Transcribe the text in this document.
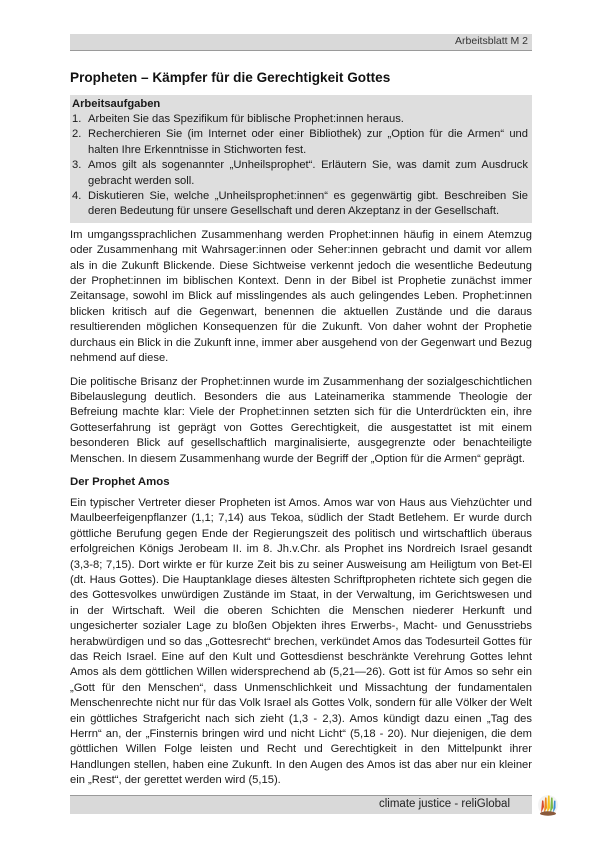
Arbeitsblatt M 2
Propheten – Kämpfer für die Gerechtigkeit Gottes

Arbeitsaufgaben

1. Arbeiten Sie das Spezifikum für biblische Prophet:innen heraus.
2. Recherchieren Sie (im Internet oder einer Bibliothek) zur „Option für die Armen“ und halten Ihre Erkenntnisse in Stichworten fest.
3. Amos gilt als sogenannter „Unheilsprophet“. Erläutern Sie, was damit zum Ausdruck gebracht werden soll.
4. Diskutieren Sie, welche „Unheilsprophet:innen“ es gegenwärtig gibt. Beschreiben Sie deren Bedeutung für unsere Gesellschaft und deren Akzeptanz in der Gesellschaft.

Im umgangssprachlichen Zusammenhang werden Prophet:innen häufig in einem Atemzug oder Zusammenhang mit Wahrsager:innen oder Seher:innen gebracht und damit vor allem als in die Zukunft Blickende. Diese Sichtweise verkennt jedoch die wesentliche Bedeutung der Prophet:innen im biblischen Kontext. Denn in der Bibel ist Prophetie zunächst immer Zeitansage, sowohl im Blick auf misslingendes als auch gelingendes Leben. Prophet:innen blicken kritisch auf die Gegenwart, benennen die aktuellen Zustände und die daraus resultierenden möglichen Konsequenzen für die Zukunft. Von daher wohnt der Prophetie durchaus ein Blick in die Zukunft inne, immer aber ausgehend von der Gegenwart und Bezug nehmend auf diese.

Die politische Brisanz der Prophet:innen wurde im Zusammenhang der sozialgeschichtlichen Bibelauslegung deutlich. Besonders die aus Lateinamerika stammende Theologie der Befreiung machte klar: Viele der Prophet:innen setzten sich für die Unterdrückten ein, ihre Gotteserfahrung ist geprägt von Gottes Gerechtigkeit, die ausgestattet ist mit einem besonderen Blick auf gesellschaftlich marginalisierte, ausgegrenzte oder benachteiligte Menschen. In diesem Zusammenhang wurde der Begriff der „Option für die Armen“ geprägt.

Der Prophet Amos

Ein typischer Vertreter dieser Propheten ist Amos. Amos war von Haus aus Viehzüchter und Maulbeerfeigenpflanzer (1,1; 7,14) aus Tekoa, südlich der Stadt Betlehem. Er wurde durch göttliche Berufung gegen Ende der Regierungszeit des politisch und wirtschaftlich überaus erfolgreichen Königs Jerobeam II. im 8. Jh.v.Chr. als Prophet ins Nordreich Israel gesandt (3,3-8; 7,15). Dort wirkte er für kurze Zeit bis zu seiner Ausweisung am Heiligtum von Bet-El (dt. Haus Gottes). Die Hauptanklage dieses ältesten Schriftpropheten richtete sich gegen die des Gottesvolkes unwürdigen Zustände im Staat, in der Verwaltung, im Gerichtswesen und in der Wirtschaft. Weil die oberen Schichten die Menschen niederer Herkunft und ungesicherter sozialer Lage zu bloßen Objekten ihres Erwerbs-, Macht- und Genusstriebs herabwürdigen und so das „Gottesrecht“ brechen, verkündet Amos das Todesurteil Gottes für das Reich Israel. Eine auf den Kult und Gottesdienst beschränkte Verehrung Gottes lehnt Amos als dem göttlichen Willen widersprechend ab (5,21—26). Gott ist für Amos so sehr ein „Gott für den Menschen“, dass Unmenschlichkeit und Missachtung der fundamentalen Menschenrechte nicht nur für das Volk Israel als Gottes Volk, sondern für alle Völker der Welt ein göttliches Strafgericht nach sich zieht (1,3 - 2,3). Amos kündigt dazu einen „Tag des Herrn“ an, der „Finsternis bringen wird und nicht Licht“ (5,18 - 20). Nur diejenigen, die dem göttlichen Willen Folge leisten und Recht und Gerechtigkeit in den Mittelpunkt ihrer Handlungen stellen, haben eine Zukunft. In den Augen des Amos ist das aber nur ein kleiner ein „Rest“, der gerettet werden wird (5,15).

climate justice - reliGlobal
